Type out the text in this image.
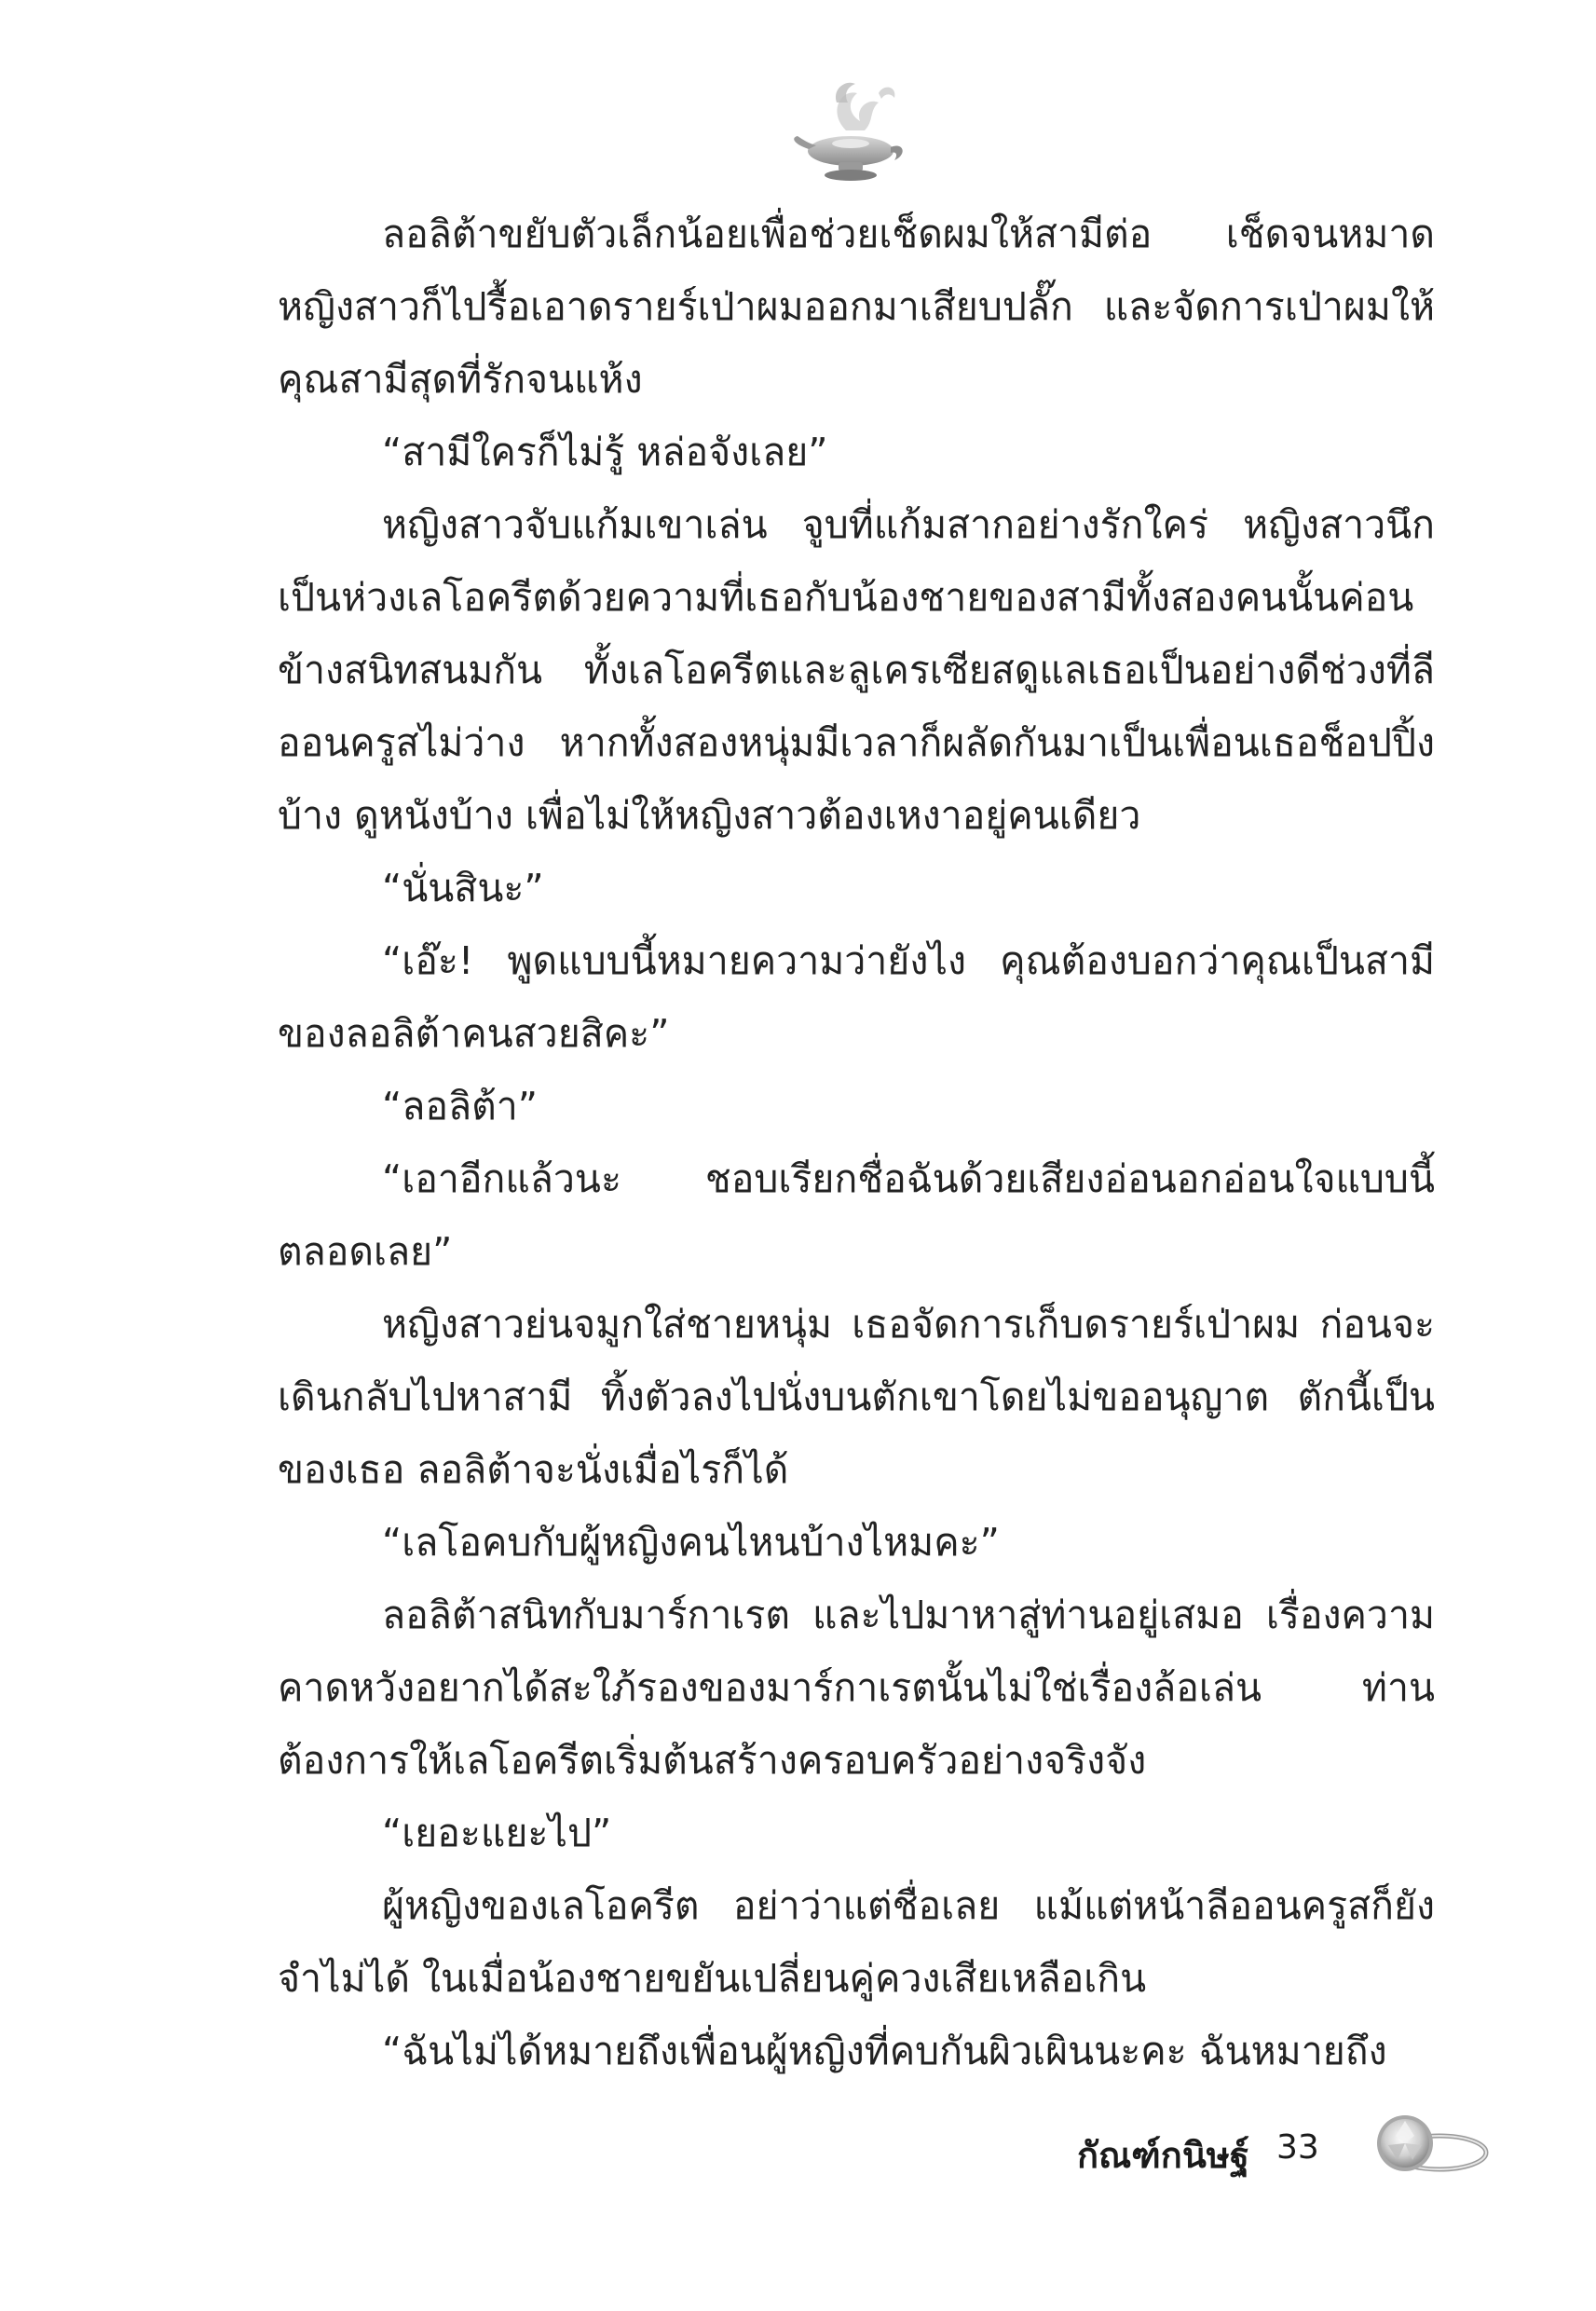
ลอลิต้าขยับตัวเล็กน้อยเพื่อช่วยเช็ดผมให้สามีต่อ เช็ดจนหมาด หญิงสาวก็ไปรื้อเอาดรายร์เป่าผมออกมาเสียบปลั๊ก และจัดการเป่าผมให้คุณสามีสุดที่รักจนแห้ง

“สามีใครก็ไม่รู้ หล่อจังเลย”

หญิงสาวจับแก้มเขาเล่น จูบที่แก้มสากอย่างรักใคร่ หญิงสาวนึกเป็นห่วงเลโอครีตด้วยความที่เธอกับน้องชายของสามีทั้งสองคนนั้นค่อนข้างสนิทสนมกัน ทั้งเลโอครีตและลูเครเซียสดูแลเธอเป็นอย่างดีช่วงที่ลีออนครูสไม่ว่าง หากทั้งสองหนุ่มมีเวลาก็ผลัดกันมาเป็นเพื่อนเธอช็อปปิ้งบ้าง ดูหนังบ้าง เพื่อไม่ให้หญิงสาวต้องเหงาอยู่คนเดียว

“นั่นสินะ”

“เอ๊ะ! พูดแบบนี้หมายความว่ายังไง คุณต้องบอกว่าคุณเป็นสามีของลอลิต้าคนสวยสิคะ”

“ลอลิต้า”

“เอาอีกแล้วนะ ชอบเรียกชื่อฉันด้วยเสียงอ่อนอกอ่อนใจแบบนี้ตลอดเลย”

หญิงสาวย่นจมูกใส่ชายหนุ่ม เธอจัดการเก็บดรายร์เป่าผม ก่อนจะเดินกลับไปหาสามี ทิ้งตัวลงไปนั่งบนตักเขาโดยไม่ขออนุญาต ตักนี้เป็นของเธอ ลอลิต้าจะนั่งเมื่อไรก็ได้

“เลโอคบกับผู้หญิงคนไหนบ้างไหมคะ”

ลอลิต้าสนิทกับมาร์กาเรต และไปมาหาสู่ท่านอยู่เสมอ เรื่องความคาดหวังอยากได้สะใภ้รองของมาร์กาเรตนั้นไม่ใช่เรื่องล้อเล่น ท่านต้องการให้เลโอครีตเริ่มต้นสร้างครอบครัวอย่างจริงจัง

“เยอะแยะไป”

ผู้หญิงของเลโอครีต อย่าว่าแต่ชื่อเลย แม้แต่หน้าลีออนครูสก็ยังจำไม่ได้ ในเมื่อน้องชายขยันเปลี่ยนคู่ควงเสียเหลือเกิน

“ฉันไม่ได้หมายถึงเพื่อนผู้หญิงที่คบกันผิวเผินนะคะ ฉันหมายถึง

กัณฑ์กนิษฐ์ 33
